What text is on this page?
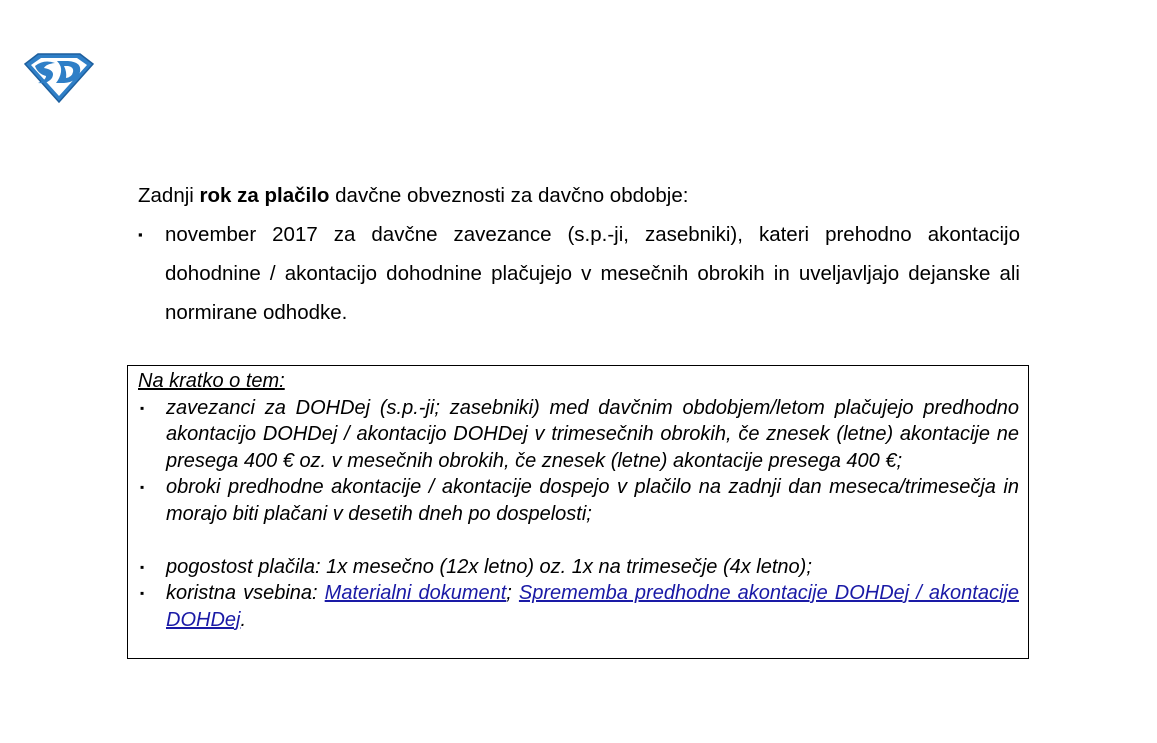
Zadnji rok za plačilo davčne obveznosti za davčno obdobje:

▪	november 2017 za davčne zavezance (s.p.-ji, zasebniki), kateri prehodno akontacijo dohodnine / akontacijo dohodnine plačujejo v mesečnih obrokih in uveljavljajo dejanske ali normirane odhodke.
Na kratko o tem:
▪	zavezanci za DOHDej (s.p.-ji; zasebniki) med davčnim obdobjem/letom plačujejo predhodno akontacijo DOHDej / akontacijo DOHDej v trimesečnih obrokih, če znesek (letne) akontacije ne presega 400 € oz. v mesečnih obrokih, če znesek (letne) akontacije presega 400 €;
▪	obroki predhodne akontacije / akontacije dospejo v plačilo na zadnji dan meseca/trimesečja in morajo biti plačani v desetih dneh po dospelosti;
▪	pogostost plačila: 1x mesečno (12x letno) oz. 1x na trimesečje (4x letno);
▪	koristna vsebina: Materialni dokument; Sprememba predhodne akontacije DOHDej / akontacije DOHDej.
